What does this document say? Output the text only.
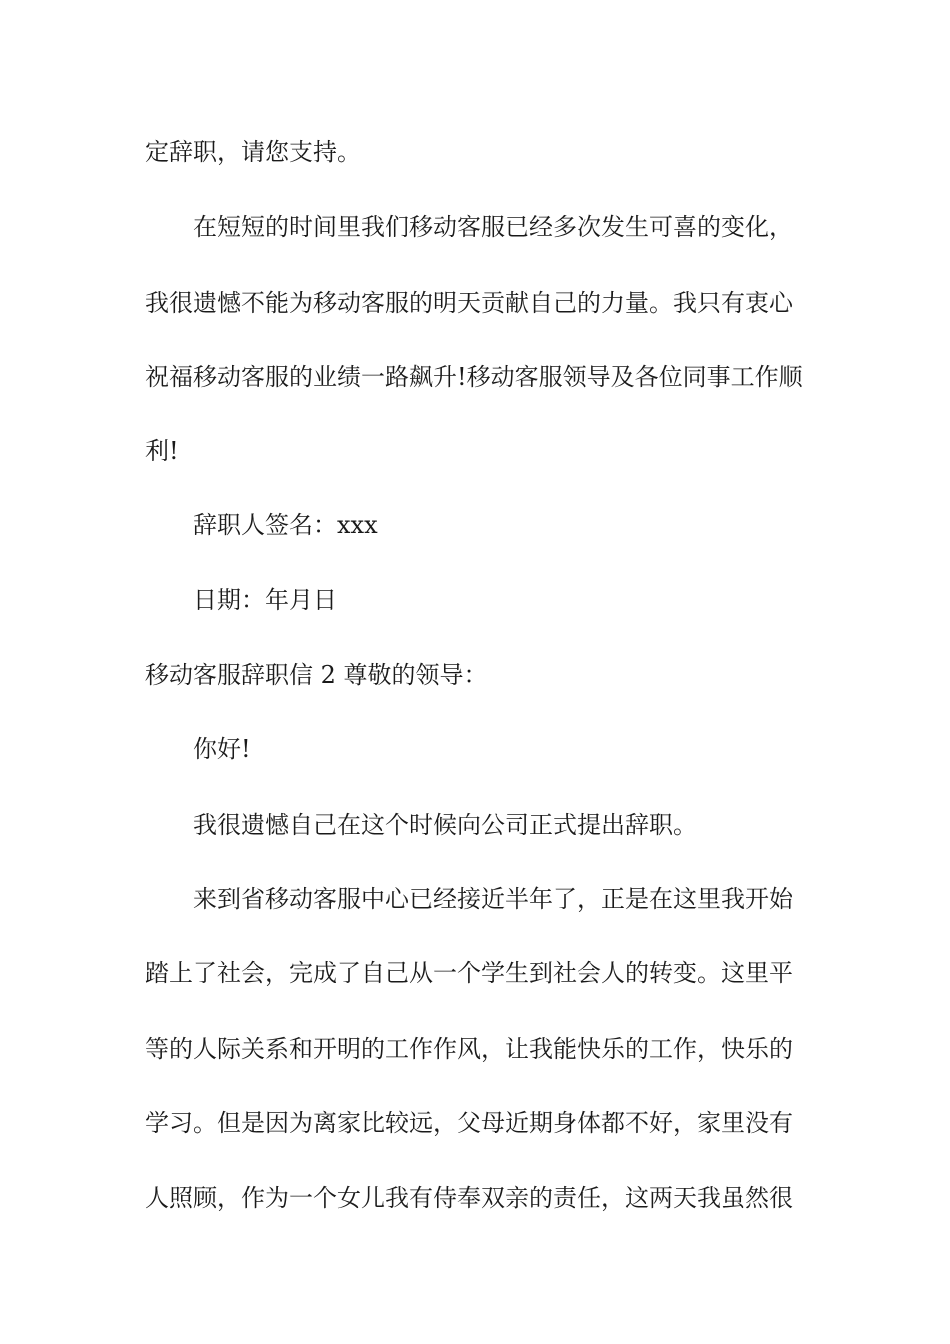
定辞职，请您支持。

在短短的时间里我们移动客服已经多次发生可喜的变化，

我很遗憾不能为移动客服的明天贡献自己的力量。我只有衷心

祝福移动客服的业绩一路飙升!移动客服领导及各位同事工作顺

利!

辞职人签名：xxx

日期：年月日

移动客服辞职信 2 尊敬的领导：

你好!

我很遗憾自己在这个时候向公司正式提出辞职。

来到省移动客服中心已经接近半年了，正是在这里我开始

踏上了社会，完成了自己从一个学生到社会人的转变。这里平

等的人际关系和开明的工作作风，让我能快乐的工作，快乐的

学习。但是因为离家比较远，父母近期身体都不好，家里没有

人照顾，作为一个女儿我有侍奉双亲的责任，这两天我虽然很
